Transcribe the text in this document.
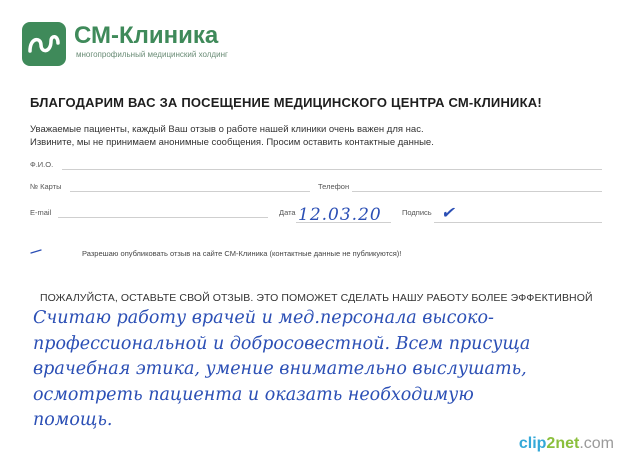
СМ-Клиника
многопрофильный медицинский холдинг
БЛАГОДАРИМ ВАС ЗА ПОСЕЩЕНИЕ МЕДИЦИНСКОГО ЦЕНТРА СМ-КЛИНИКА!
Уважаемые пациенты, каждый Ваш отзыв о работе нашей клиники очень важен для нас.
Извините, мы не принимаем анонимные сообщения. Просим оставить контактные данные.
Ф.И.О.
№ Карты	Телефон
E-mail	Дата 12.03.20	Подпись ✔
Разрешаю опубликовать отзыв на сайте СМ-Клиника (контактные данные не публикуются)!
ПОЖАЛУЙСТА, ОСТАВЬТЕ СВОЙ ОТЗЫВ. ЭТО ПОМОЖЕТ СДЕЛАТЬ НАШУ РАБОТУ БОЛЕЕ ЭФФЕКТИВНОЙ
Считаю работу врачей и мед.персонала высоко-
профессиональной и добросовестной. Всем присуща
врачебная этика, умение внимательно выслушать,
осмотреть пациента и оказать необходимую
помощь.
clip2net.com
